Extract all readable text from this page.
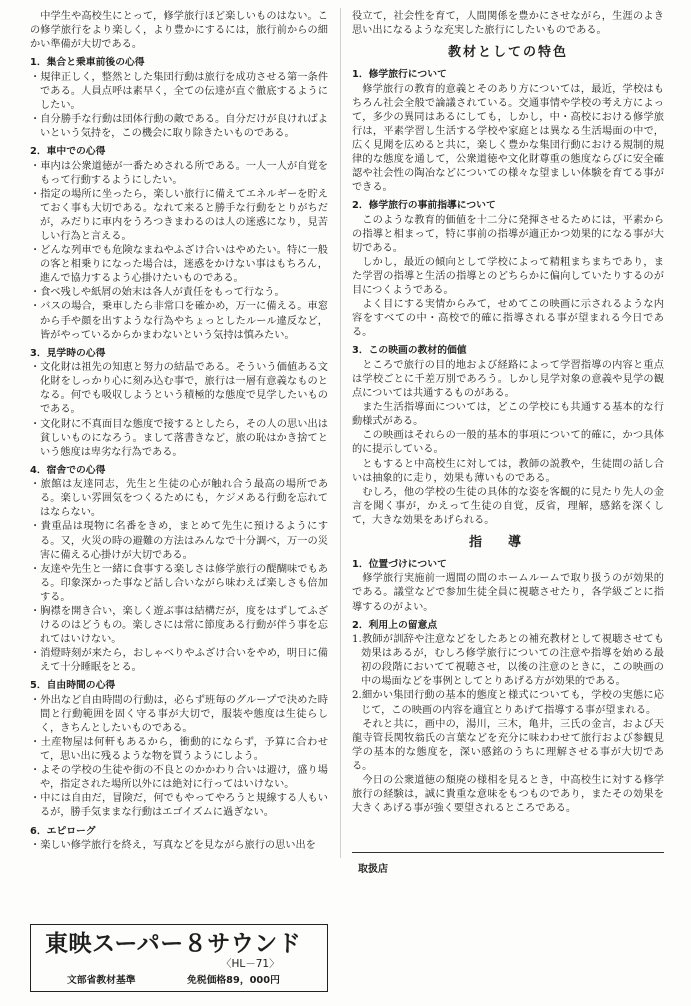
中学生や高校生にとって，修学旅行ほど楽しいものはない。この修学旅行をより楽しく，より豊かにするには，旅行前からの細かい準備が大切である。

1．集合と乗車前後の心得

・ 規律正しく，整然とした集団行動は旅行を成功させる第一条件である。人員点呼は素早く，全ての伝達が直ぐ徹底するようにしたい。

・ 自分勝手な行動は団体行動の敵である。自分だけが良ければよいという気持を，この機会に取り除きたいものである。

2．車中での心得

・ 車内は公衆道徳が一番ためされる所である。一人一人が自覚をもって行動するようにしたい。

・ 指定の場所に坐ったら，楽しい旅行に備えてエネルギーを貯えておく事も大切である。なれて来ると勝手な行動をとりがちだが，みだりに車内をうろつきまわるのは人の迷惑になり，見苦しい行為と言える。

・ どんな列車でも危険なまねやふざけ合いはやめたい。特に一般の客と相乗りになった場合は，迷惑をかけない事はもちろん，進んで協力するよう心掛けたいものである。

・ 食べ残しや紙屑の始末は各人が責任をもって行なう。

・ バスの場合，乗車したら非常口を確かめ，万一に備える。車窓から手や顔を出すような行為やちょっとしたルール違反など，皆がやっているからかまわないという気持は慎みたい。

3．見学時の心得

・ 文化財は祖先の知恵と努力の結晶である。そういう価値ある文化財をしっかり心に刻み込む事で，旅行は一層有意義なものとなる。何でも吸収しようという積極的な態度で見学したいものである。

・ 文化財に不真面目な態度で接するとしたら，その人の思い出は貧しいものになろう。まして落書きなど，旅の恥はかき捨てという態度は卑劣な行為である。

4．宿舎での心得

・ 旅館は友達同志，先生と生徒の心が触れ合う最高の場所である。楽しい雰囲気をつくるためにも，ケジメある行動を忘れてはならない。

・ 貴重品は現物に名番をきめ，まとめて先生に預けるようにする。又，火災の時の避難の方法はみんなで十分調べ，万一の災害に備える心掛けが大切である。

・ 友達や先生と一緒に食事する楽しさは修学旅行の醍醐味でもある。印象深かった事など話し合いながら味わえば楽しさも倍加する。

・ 胸襟を開き合い，楽しく遊ぶ事は結構だが，度をはずしてふざけるのはどうもの。楽しさには常に節度ある行動が伴う事を忘れてはいけない。

・ 消燈時刻が来たら，おしゃべりやふざけ合いをやめ，明日に備えて十分睡眠をとる。

5．自由時間の心得

・ 外出など自由時間の行動は，必らず班毎のグループで決めた時間と行動範囲を固く守る事が大切で，服装や態度は生徒らしく，きちんとしたいものである。

・ 土産物屋は何軒もあるから，衝動的にならず，予算に合わせて，思い出に残るような物を買うようにしよう。

・ よその学校の生徒や街の不良とのかかわり合いは避け，盛り場や，指定された場所以外には絶対に行ってはいけない。

・ 中には自由だ，冒険だ，何でもやってやろうと規線する人もいるが，勝手気ままな行動はエゴイズムに過ぎない。

6．エピローグ

・ 楽しい修学旅行を終え，写真などを見ながら旅行の思い出を

役立て，社会性を育て，人間関係を豊かにさせながら，生涯のよき思い出になるような充実した旅行にしたいものである。

教材としての特色
1．修学旅行について

修学旅行の教育的意義とそのあり方については，最近，学校はもちろん社会全般で論議されている。交通事情や学校の考え方によって，多少の異同はあるにしても，しかし，中・高校における修学旅行は，平素学習し生活する学校や家庭とは異なる生活場面の中で，広く見聞を広めると共に，楽しく豊かな集団行動における規制的規律的な態度を通して，公衆道徳や文化財尊重の態度ならびに安全確認や社会性の陶冶などについての様々な望ましい体験を育てる事ができる。

2．修学旅行の事前指導について

このような教育的価値を十二分に発揮させるためには，平素からの指導と相まって，特に事前の指導が適正かつ効果的になる事が大切である。

しかし，最近の傾向として学校によって精粗まちまちであり，また学習の指導と生活の指導とのどちらかに偏向していたりするのが目につくようである。

よく目にする実情からみて，せめてこの映画に示されるような内容をすべての中・高校で的確に指導される事が望まれる今日である。

3．この映画の教材的価値

ところで旅行の目的地および経路によって学習指導の内容と重点は学校ごとに千差万別であろう。しかし見学対象の意義や見学の観点については共通するものがある。

また生活指導面については，どこの学校にも共通する基本的な行動様式がある。

この映画はそれらの一般的基本的事項について的確に，かつ具体的に提示している。

ともすると中高校生に対しては，教師の説教や，生徒間の話し合いは抽象的に走り，効果も薄いものである。

むしろ，他の学校の生徒の具体的な姿を客観的に見たり先人の金言を聞く事が，かえって生徒の自覚，反省，理解，感銘を深くして，大きな効果をあげられる。

指導
1．位置づけについて

修学旅行実施前一週間の間のホームルームで取り扱うのが効果的である。議堂などで参加生徒全員に視聴させたり，各学級ごとに指導するのがよい。

2．利用上の留意点

1.教師が訓辞や注意などをしたあとの補充教材として視聴させても効果はあるが，むしろ修学旅行についての注意や指導を始める最初の段階においてて視聴させ，以後の注意のときに，この映画の中の場面などを事例としてとりあげる方が効果的である。

2.細かい集団行動の基本的態度と様式についても，学校の実態に応じて，この映画の内容を適宜とりあげて指導する事が望まれる。

それと共に，画中の，湯川，三木，亀井，三氏の金言，および天龍寺管長関牧翁氏の言葉などを充分に味わわせて旅行および参観見学の基本的な態度を，深い感銘のうちに理解させる事が大切である。

今日の公衆道徳の頽廃の様相を見るとき，中高校生に対する修学旅行の経験は，誠に貴重な意味をもつものであり，またその効果を大きくあげる事が強く要望されるところである。

取扱店
東映スーパー８サウンド
〈HL－71〉
文部省教材基準	免税価格89，000円
